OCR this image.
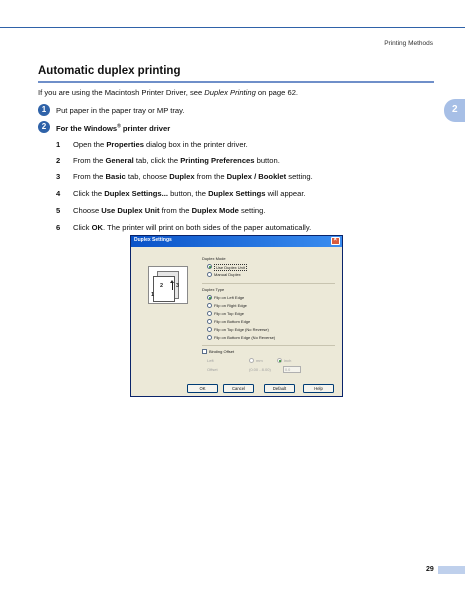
Printing Methods
Automatic duplex printing
2

If you are using the Macintosh Printer Driver, see Duplex Printing on page 62.

1	Put paper in the paper tray or MP tray.
2	For the Windows® printer driver
1 Open the Properties dialog box in the printer driver.
2 From the General tab, click the Printing Preferences button.
3 From the Basic tab, choose Duplex from the Duplex / Booklet setting.
4 Click the Duplex Settings... button, the Duplex Settings will appear.
5 Choose Use Duplex Unit from the Duplex Mode setting.
6 Click OK. The printer will print on both sides of the paper automatically.
Duplex Settings	×
2 3
1
Duplex Mode
Use Duplex Unit
Manual Duplex
Duplex Type
Flip on Left Edge
Flip on Right Edge
Flip on Top Edge
Flip on Bottom Edge
Flip on Top Edge (No Reverse)
Flip on Bottom Edge (No Reverse)
Binding Offset
Left	mm	inch
Offset	(0.00 - 8.00)	0.0
OK	Cancel	Default	Help
29
